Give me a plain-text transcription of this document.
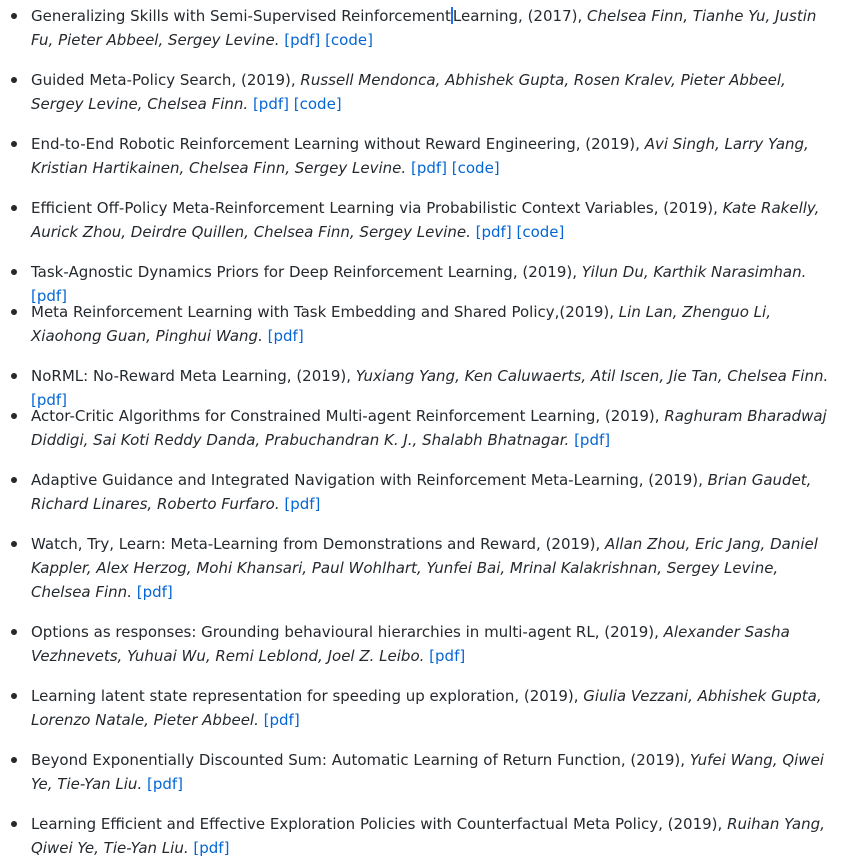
Generalizing Skills with Semi-Supervised Reinforcement Learning, (2017), Chelsea Finn, Tianhe Yu, Justin Fu, Pieter Abbeel, Sergey Levine. [pdf] [code]
Guided Meta-Policy Search, (2019), Russell Mendonca, Abhishek Gupta, Rosen Kralev, Pieter Abbeel, Sergey Levine, Chelsea Finn. [pdf] [code]
End-to-End Robotic Reinforcement Learning without Reward Engineering, (2019), Avi Singh, Larry Yang, Kristian Hartikainen, Chelsea Finn, Sergey Levine. [pdf] [code]
Efficient Off-Policy Meta-Reinforcement Learning via Probabilistic Context Variables, (2019), Kate Rakelly, Aurick Zhou, Deirdre Quillen, Chelsea Finn, Sergey Levine. [pdf] [code]
Task-Agnostic Dynamics Priors for Deep Reinforcement Learning, (2019), Yilun Du, Karthik Narasimhan. [pdf]
Meta Reinforcement Learning with Task Embedding and Shared Policy,(2019), Lin Lan, Zhenguo Li, Xiaohong Guan, Pinghui Wang. [pdf]
NoRML: No-Reward Meta Learning, (2019), Yuxiang Yang, Ken Caluwaerts, Atil Iscen, Jie Tan, Chelsea Finn. [pdf]
Actor-Critic Algorithms for Constrained Multi-agent Reinforcement Learning, (2019), Raghuram Bharadwaj Diddigi, Sai Koti Reddy Danda, Prabuchandran K. J., Shalabh Bhatnagar. [pdf]
Adaptive Guidance and Integrated Navigation with Reinforcement Meta-Learning, (2019), Brian Gaudet, Richard Linares, Roberto Furfaro. [pdf]
Watch, Try, Learn: Meta-Learning from Demonstrations and Reward, (2019), Allan Zhou, Eric Jang, Daniel Kappler, Alex Herzog, Mohi Khansari, Paul Wohlhart, Yunfei Bai, Mrinal Kalakrishnan, Sergey Levine, Chelsea Finn. [pdf]
Options as responses: Grounding behavioural hierarchies in multi-agent RL, (2019), Alexander Sasha Vezhnevets, Yuhuai Wu, Remi Leblond, Joel Z. Leibo. [pdf]
Learning latent state representation for speeding up exploration, (2019), Giulia Vezzani, Abhishek Gupta, Lorenzo Natale, Pieter Abbeel. [pdf]
Beyond Exponentially Discounted Sum: Automatic Learning of Return Function, (2019), Yufei Wang, Qiwei Ye, Tie-Yan Liu. [pdf]
Learning Efficient and Effective Exploration Policies with Counterfactual Meta Policy, (2019), Ruihan Yang, Qiwei Ye, Tie-Yan Liu. [pdf]
